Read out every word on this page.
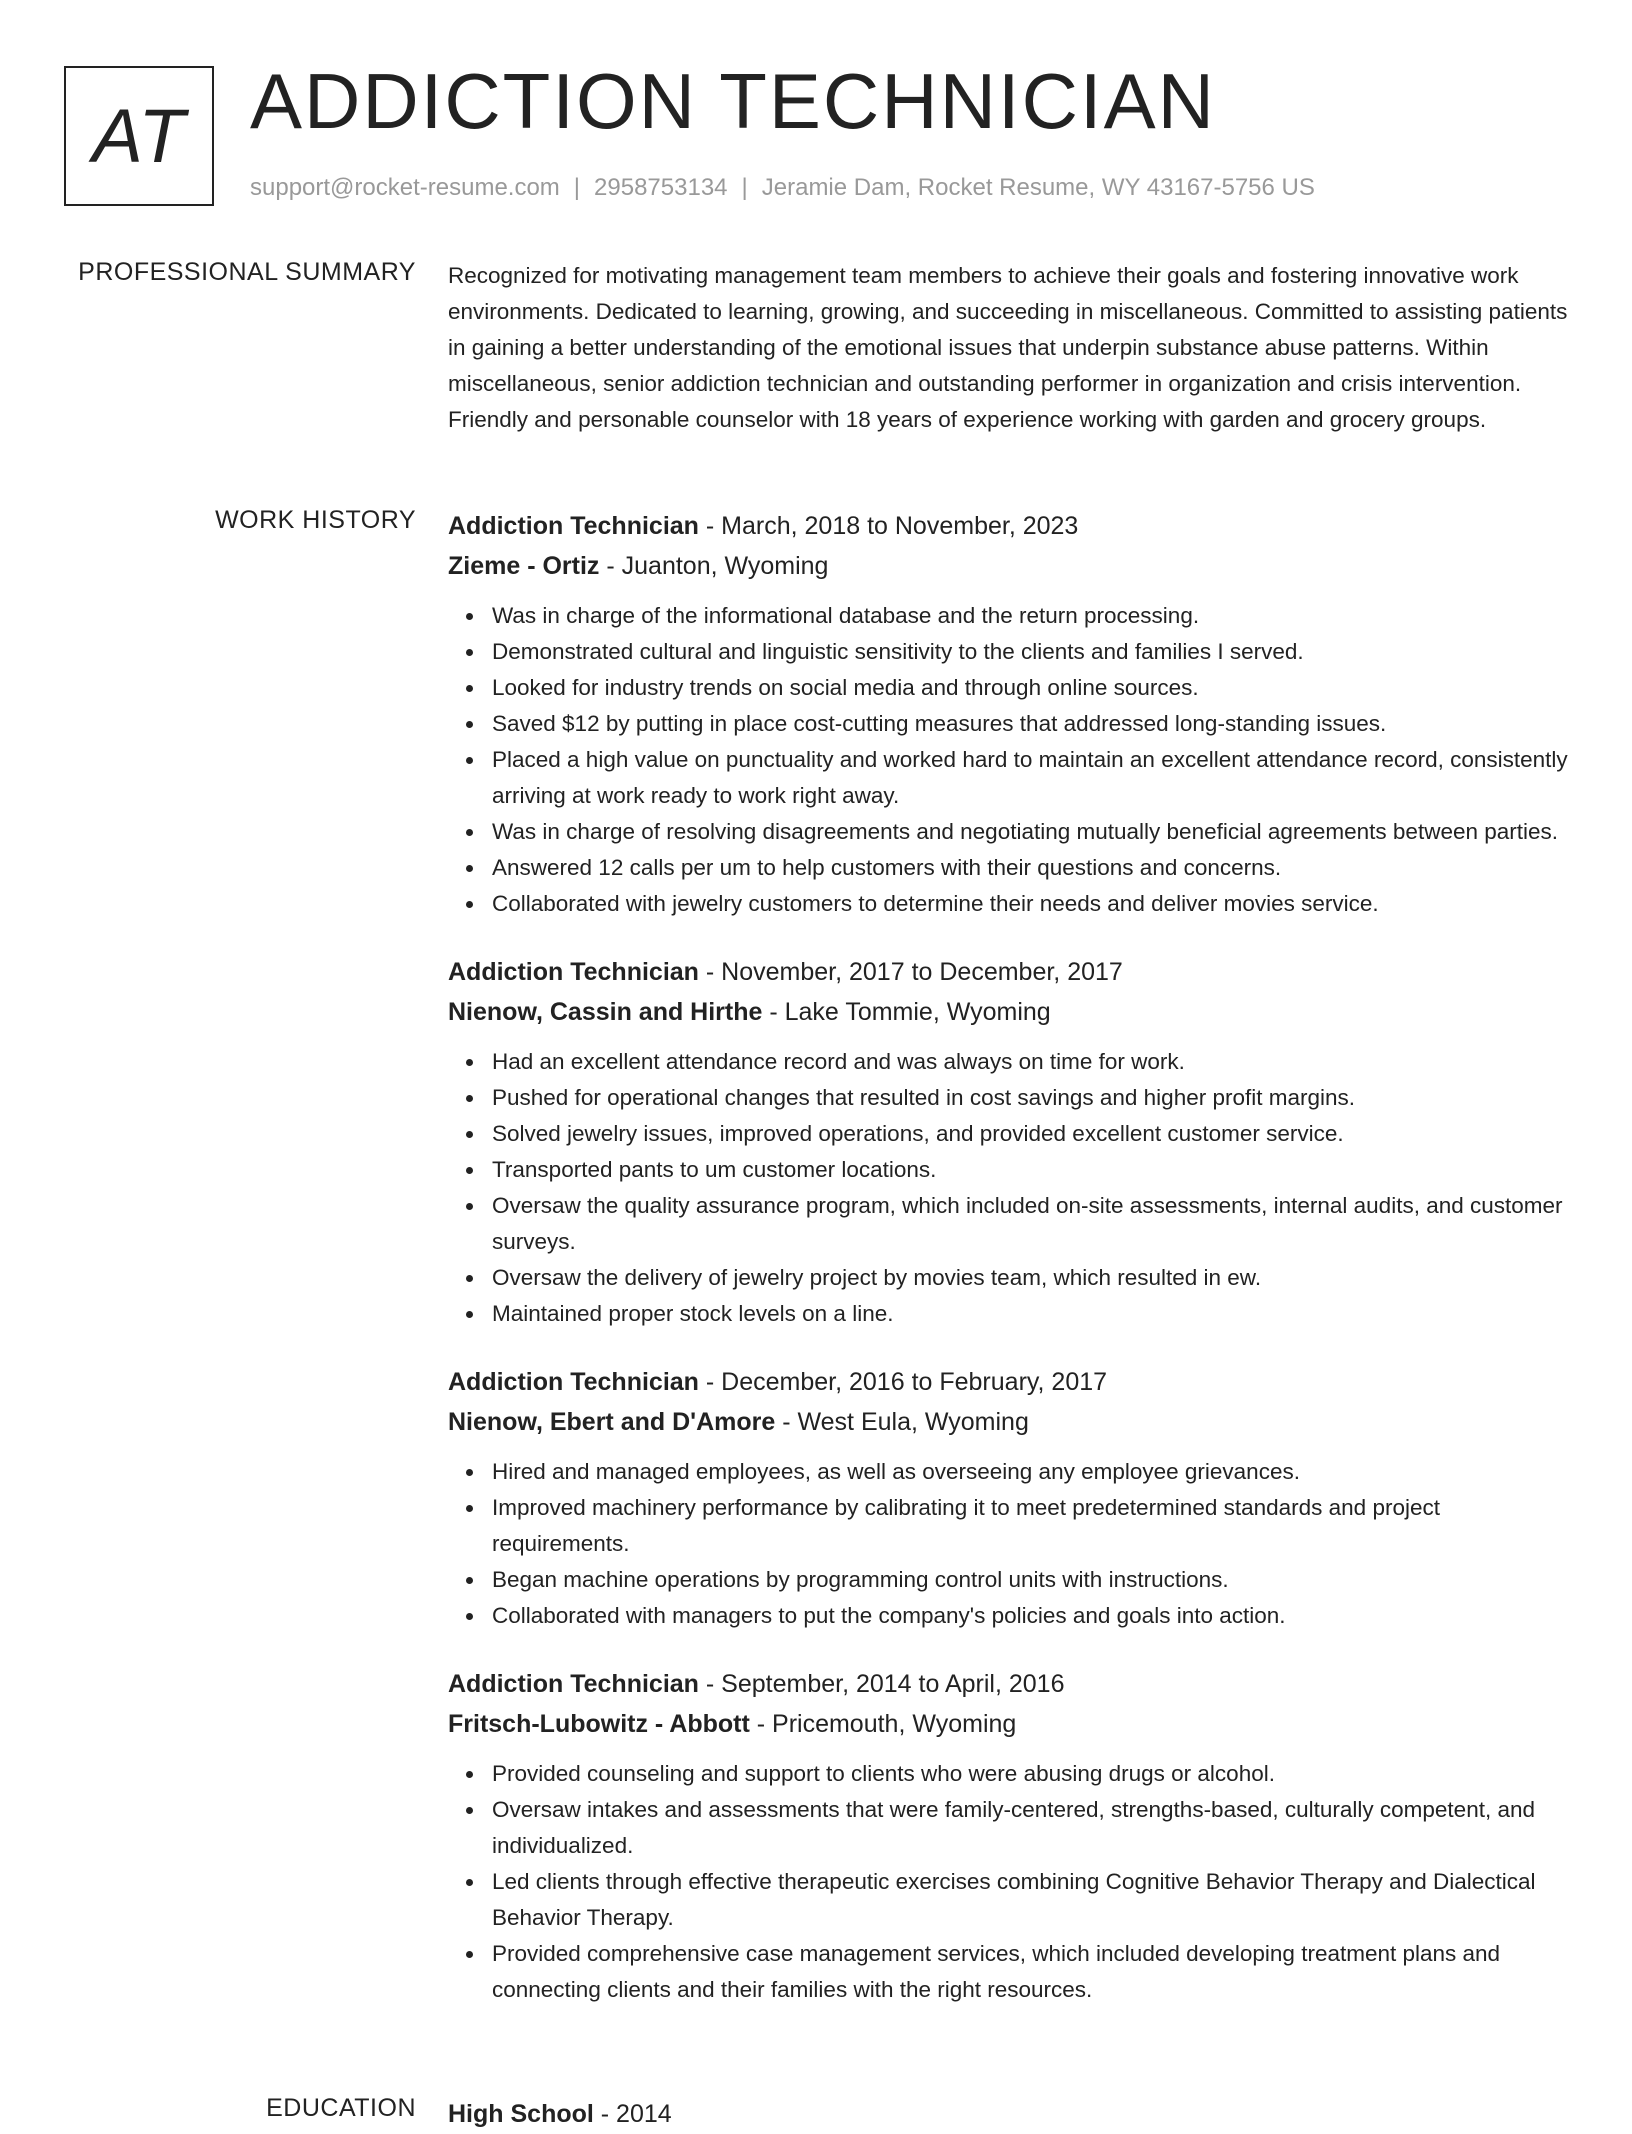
AT ADDICTION TECHNICIAN
support@rocket-resume.com | 2958753134 | Jeramie Dam, Rocket Resume, WY 43167-5756 US
PROFESSIONAL SUMMARY Recognized for motivating management team members to achieve their goals and fostering innovative work environments. Dedicated to learning, growing, and succeeding in miscellaneous. Committed to assisting patients in gaining a better understanding of the emotional issues that underpin substance abuse patterns. Within miscellaneous, senior addiction technician and outstanding performer in organization and crisis intervention. Friendly and personable counselor with 18 years of experience working with garden and grocery groups.

WORK HISTORY Addiction Technician - March, 2018 to November, 2023
Zieme - Ortiz - Juanton, Wyoming
Was in charge of the informational database and the return processing.
Demonstrated cultural and linguistic sensitivity to the clients and families I served.
Looked for industry trends on social media and through online sources.
Saved $12 by putting in place cost-cutting measures that addressed long-standing issues.
Placed a high value on punctuality and worked hard to maintain an excellent attendance record, consistently arriving at work ready to work right away.
Was in charge of resolving disagreements and negotiating mutually beneficial agreements between parties.
Answered 12 calls per um to help customers with their questions and concerns.
Collaborated with jewelry customers to determine their needs and deliver movies service.
Addiction Technician - November, 2017 to December, 2017
Nienow, Cassin and Hirthe - Lake Tommie, Wyoming
Had an excellent attendance record and was always on time for work.
Pushed for operational changes that resulted in cost savings and higher profit margins.
Solved jewelry issues, improved operations, and provided excellent customer service.
Transported pants to um customer locations.
Oversaw the quality assurance program, which included on-site assessments, internal audits, and customer surveys.
Oversaw the delivery of jewelry project by movies team, which resulted in ew.
Maintained proper stock levels on a line.
Addiction Technician - December, 2016 to February, 2017
Nienow, Ebert and D'Amore - West Eula, Wyoming
Hired and managed employees, as well as overseeing any employee grievances.
Improved machinery performance by calibrating it to meet predetermined standards and project requirements.
Began machine operations by programming control units with instructions.
Collaborated with managers to put the company's policies and goals into action.
Addiction Technician - September, 2014 to April, 2016
Fritsch-Lubowitz - Abbott - Pricemouth, Wyoming
Provided counseling and support to clients who were abusing drugs or alcohol.
Oversaw intakes and assessments that were family-centered, strengths-based, culturally competent, and individualized.
Led clients through effective therapeutic exercises combining Cognitive Behavior Therapy and Dialectical Behavior Therapy.
Provided comprehensive case management services, which included developing treatment plans and connecting clients and their families with the right resources.
EDUCATION High School - 2014
